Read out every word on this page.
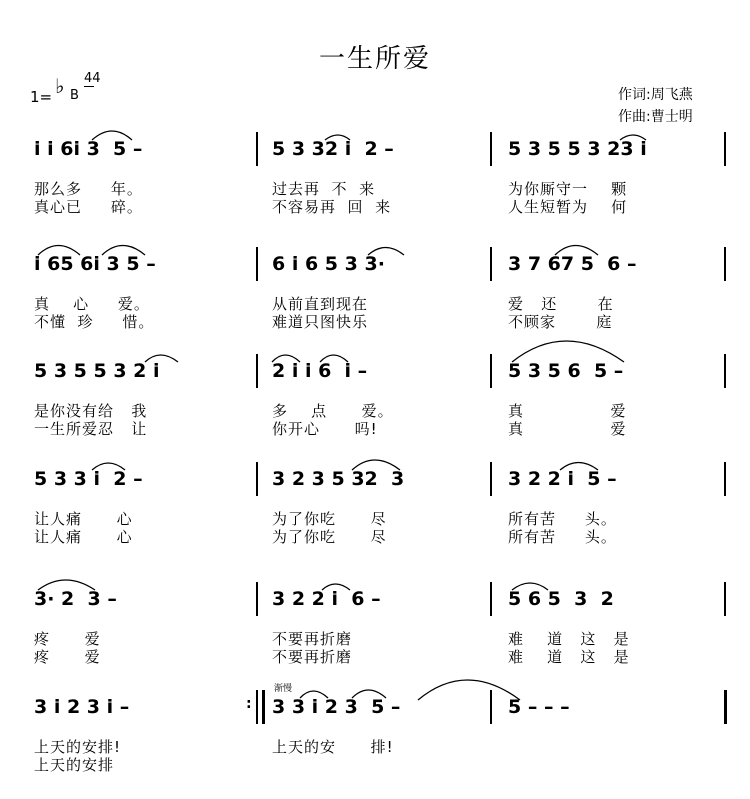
一生所爱
1= ♭ B
4
4
作词:周飞燕
作曲:曹士明
渐慢
i i 6i 3  5 –	5 3 32 i  2 –	5 3 5 5 3 23 i
那么多     年。	过去再  不  来	为你厮守一    颗
真心已     碎。	不容易再  回  来	人生短暂为    何
i 65 6i 3 5 –	6 i 6 5 3 3·	3 7 67 5  6 –
真    心     爱。	从前直到现在	爱   还       在
不懂  珍     惜。	难道只图快乐	不顾家       庭
5 3 5 5 3 2 i	2 i i 6  i –	5 3 5 6  5 –
是你没有给   我	多    点      爱。	真               爱
一生所爱忍   让	你开心      吗!	真               爱
5 3 3 i  2 –	3 2 3 5 32  3	3 2 2 i  5 –
让人痛      心	为了你吃      尽	所有苦     头。
让人痛      心	为了你吃      尽	所有苦     头。
3· 2  3 –	3 2 2 i  6 –	5 6 5  3  2
疼      爱	不要再折磨	难    道   这   是
疼      爱	不要再折磨	难    道   这   是
3 i 2 3 i –	3 3 i 2 3  5 –	5 – – –
上天的安排!	上天的安      排!
上天的安排
:
